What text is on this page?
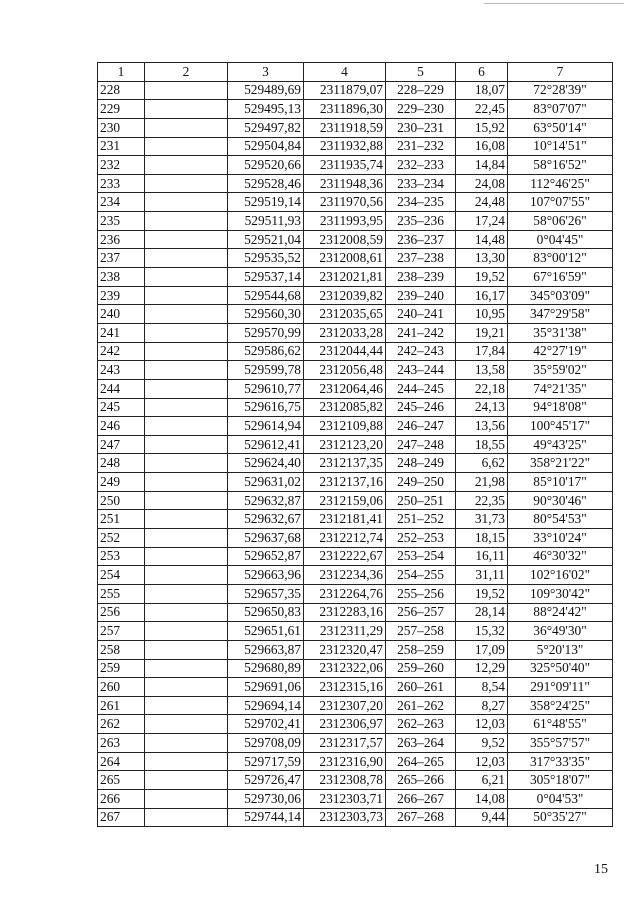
1	2	3	4	5	6	7
228		529489,69	2311879,07	228–229	18,07	72°28'39"
229		529495,13	2311896,30	229–230	22,45	83°07'07"
230		529497,82	2311918,59	230–231	15,92	63°50'14"
231		529504,84	2311932,88	231–232	16,08	10°14'51"
232		529520,66	2311935,74	232–233	14,84	58°16'52"
233		529528,46	2311948,36	233–234	24,08	112°46'25"
234		529519,14	2311970,56	234–235	24,48	107°07'55"
235		529511,93	2311993,95	235–236	17,24	58°06'26"
236		529521,04	2312008,59	236–237	14,48	0°04'45"
237		529535,52	2312008,61	237–238	13,30	83°00'12"
238		529537,14	2312021,81	238–239	19,52	67°16'59"
239		529544,68	2312039,82	239–240	16,17	345°03'09"
240		529560,30	2312035,65	240–241	10,95	347°29'58"
241		529570,99	2312033,28	241–242	19,21	35°31'38"
242		529586,62	2312044,44	242–243	17,84	42°27'19"
243		529599,78	2312056,48	243–244	13,58	35°59'02"
244		529610,77	2312064,46	244–245	22,18	74°21'35"
245		529616,75	2312085,82	245–246	24,13	94°18'08"
246		529614,94	2312109,88	246–247	13,56	100°45'17"
247		529612,41	2312123,20	247–248	18,55	49°43'25"
248		529624,40	2312137,35	248–249	6,62	358°21'22"
249		529631,02	2312137,16	249–250	21,98	85°10'17"
250		529632,87	2312159,06	250–251	22,35	90°30'46"
251		529632,67	2312181,41	251–252	31,73	80°54'53"
252		529637,68	2312212,74	252–253	18,15	33°10'24"
253		529652,87	2312222,67	253–254	16,11	46°30'32"
254		529663,96	2312234,36	254–255	31,11	102°16'02"
255		529657,35	2312264,76	255–256	19,52	109°30'42"
256		529650,83	2312283,16	256–257	28,14	88°24'42"
257		529651,61	2312311,29	257–258	15,32	36°49'30"
258		529663,87	2312320,47	258–259	17,09	5°20'13"
259		529680,89	2312322,06	259–260	12,29	325°50'40"
260		529691,06	2312315,16	260–261	8,54	291°09'11"
261		529694,14	2312307,20	261–262	8,27	358°24'25"
262		529702,41	2312306,97	262–263	12,03	61°48'55"
263		529708,09	2312317,57	263–264	9,52	355°57'57"
264		529717,59	2312316,90	264–265	12,03	317°33'35"
265		529726,47	2312308,78	265–266	6,21	305°18'07"
266		529730,06	2312303,71	266–267	14,08	0°04'53"
267		529744,14	2312303,73	267–268	9,44	50°35'27"
15
